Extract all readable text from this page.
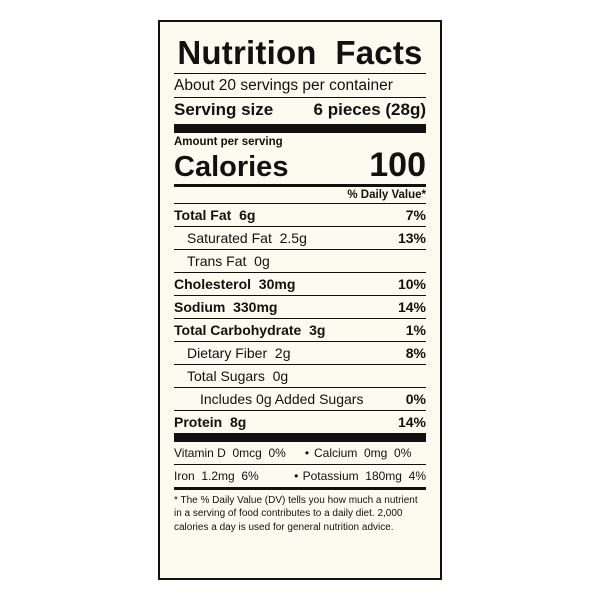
Nutrition  Facts
About 20 servings per container
Serving size 6 pieces (28g)
Amount per serving
Calories 100
% Daily Value*
Total Fat  6g	7%
Saturated Fat  2.5g	13%
Trans Fat  0g
Cholesterol  30mg	10%
Sodium  330mg	14%
Total Carbohydrate  3g	1%
Dietary Fiber  2g	8%
Total Sugars  0g
Includes 0g Added Sugars	0%
Protein  8g	14%
Vitamin D  0mcg  0%	• Calcium  0mg  0%
Iron  1.2mg  6%	• Potassium  180mg  4%
* The % Daily Value (DV) tells you how much a nutrient in a serving of food contributes to a daily diet. 2,000 calories a day is used for general nutrition advice.
